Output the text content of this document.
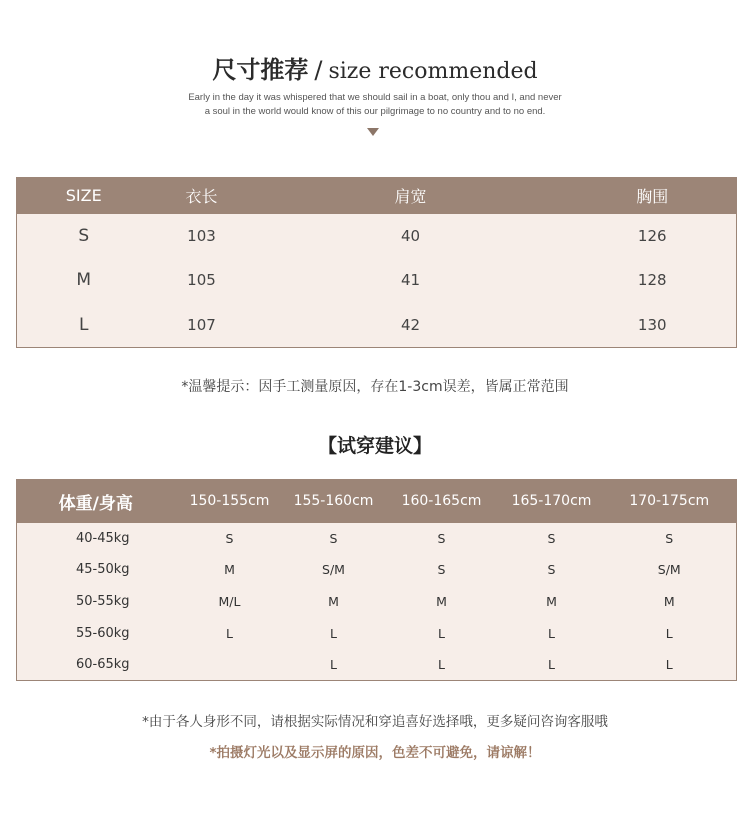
尺寸推荐 / size recommended
Early in the day it was whispered that we should sail in a boat, only thou and I, and never
a soul in the world would know of this our pilgrimage to no country and to no end.
SIZE	衣长	肩宽	胸围
S	103	40	126
M	105	41	128
L	107	42	130
*温馨提示：因手工测量原因，存在1-3cm误差，皆属正常范围
【试穿建议】
体重/身高	150-155cm	155-160cm	160-165cm	165-170cm	170-175cm
40-45kg	S	S	S	S	S
45-50kg	M	S/M	S	S	S/M
50-55kg	M/L	M	M	M	M
55-60kg	L	L	L	L	L
60-65kg		L	L	L	L
*由于各人身形不同，请根据实际情况和穿追喜好选择哦，更多疑问咨询客服哦
*拍摄灯光以及显示屏的原因，色差不可避免，请谅解！
